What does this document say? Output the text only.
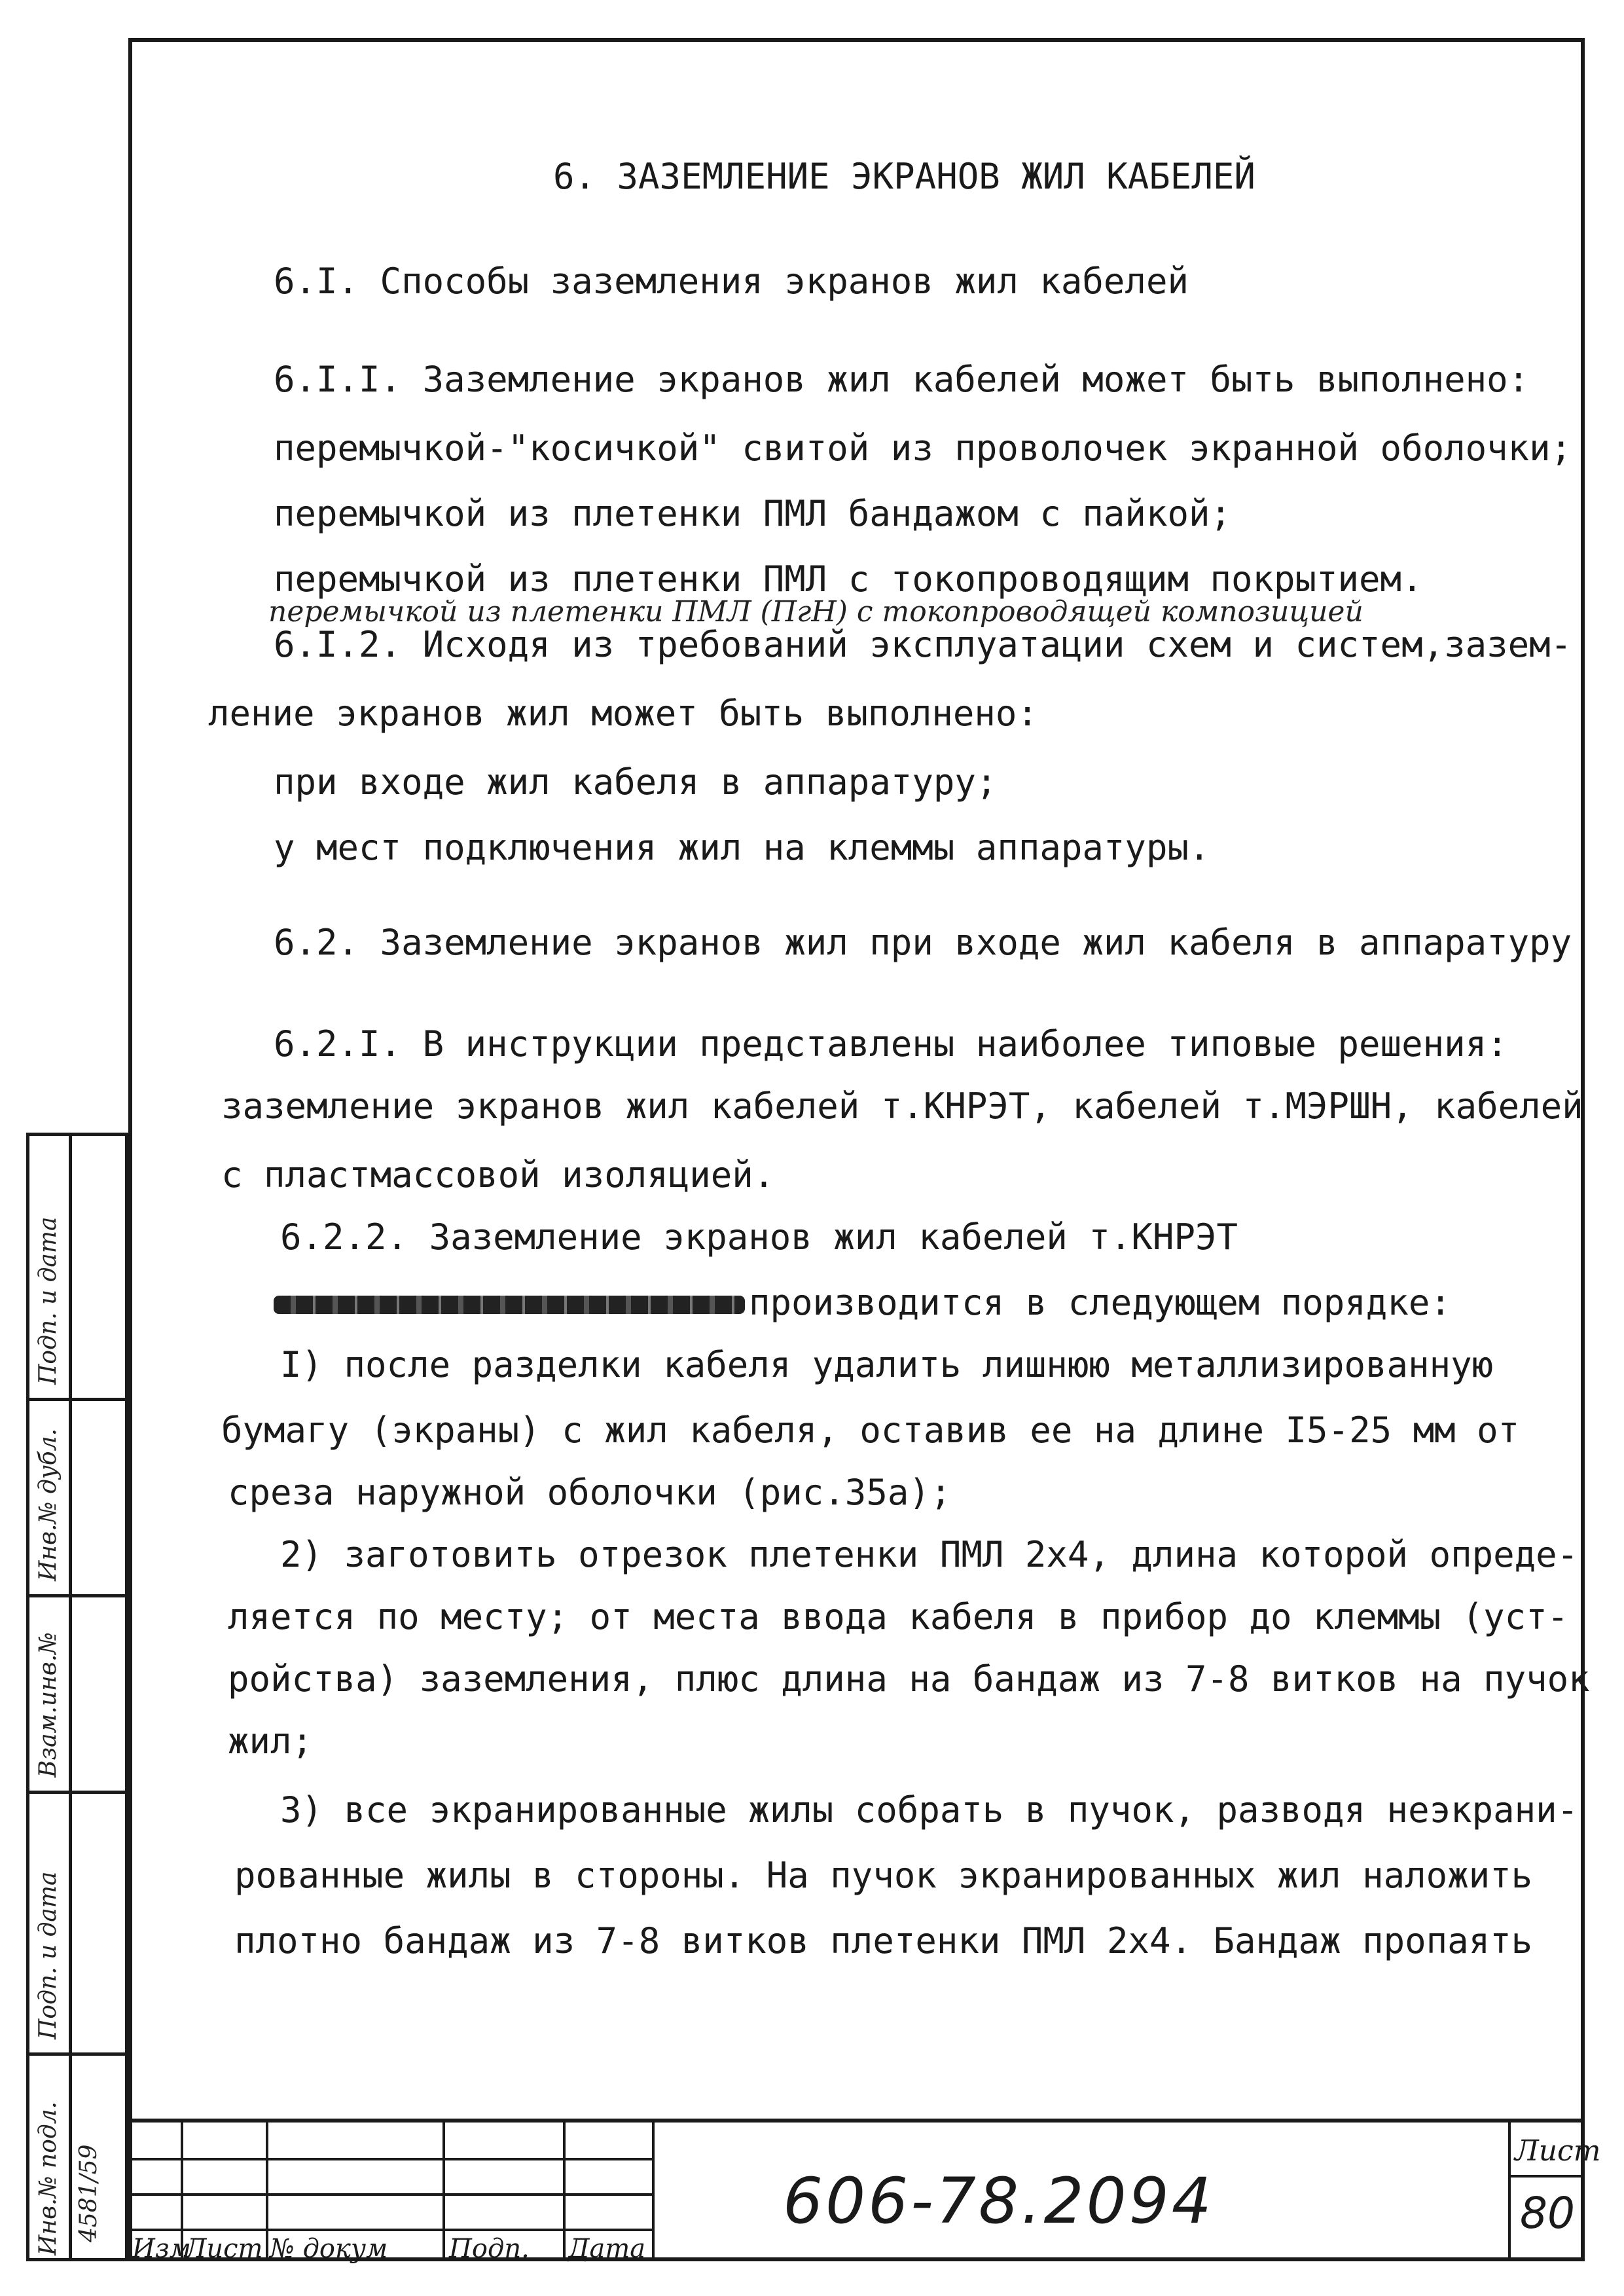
6. ЗАЗЕМЛЕНИЕ ЭКРАНОВ ЖИЛ КАБЕЛЕЙ
6.I. Способы заземления экранов жил кабелей
6.I.I. Заземление экранов жил кабелей может быть выполнено:
перемычкой-"косичкой" свитой из проволочек экранной оболочки;
перемычкой из плетенки ПМЛ бандажом с пайкой;
перемычкой из плетенки ПМЛ с токопроводящим покрытием.
перемычкой из плетенки ПМЛ (ПгН) с токопроводящей композицией
6.I.2. Исходя из требований эксплуатации схем и систем,зазем-
ление экранов жил может быть выполнено:
при входе жил кабеля в аппаратуру;
у мест подключения жил на клеммы аппаратуры.
6.2. Заземление экранов жил при входе жил кабеля в аппаратуру
6.2.I. В инструкции представлены наиболее типовые решения:
заземление экранов жил кабелей т.КНРЭТ, кабелей т.МЭРШН, кабелей
с пластмассовой изоляцией.
6.2.2. Заземление экранов жил кабелей т.КНРЭТ
производится в следующем порядке:
I) после разделки кабеля удалить лишнюю металлизированную
бумагу (экраны) с жил кабеля, оставив ее на длине I5-25 мм от
среза наружной оболочки (рис.35а);
2) заготовить отрезок плетенки ПМЛ 2х4, длина которой опреде-
ляется по месту; от места ввода кабеля в прибор до клеммы (уст-
ройства) заземления, плюс длина на бандаж из 7-8 витков на пучок
жил;
3) все экранированные жилы собрать в пучок, разводя неэкрани-
рованные жилы в стороны. На пучок экранированных жил наложить
плотно бандаж из 7-8 витков плетенки ПМЛ 2х4. Бандаж пропаять
Подп. и дата
Инв.№ дубл.
Взам.инв.№
Подп. и дата
Инв.№ подл. 4581/59
Изм
Лист № докум Подп. Дата
606-78.2094
Лист
80
